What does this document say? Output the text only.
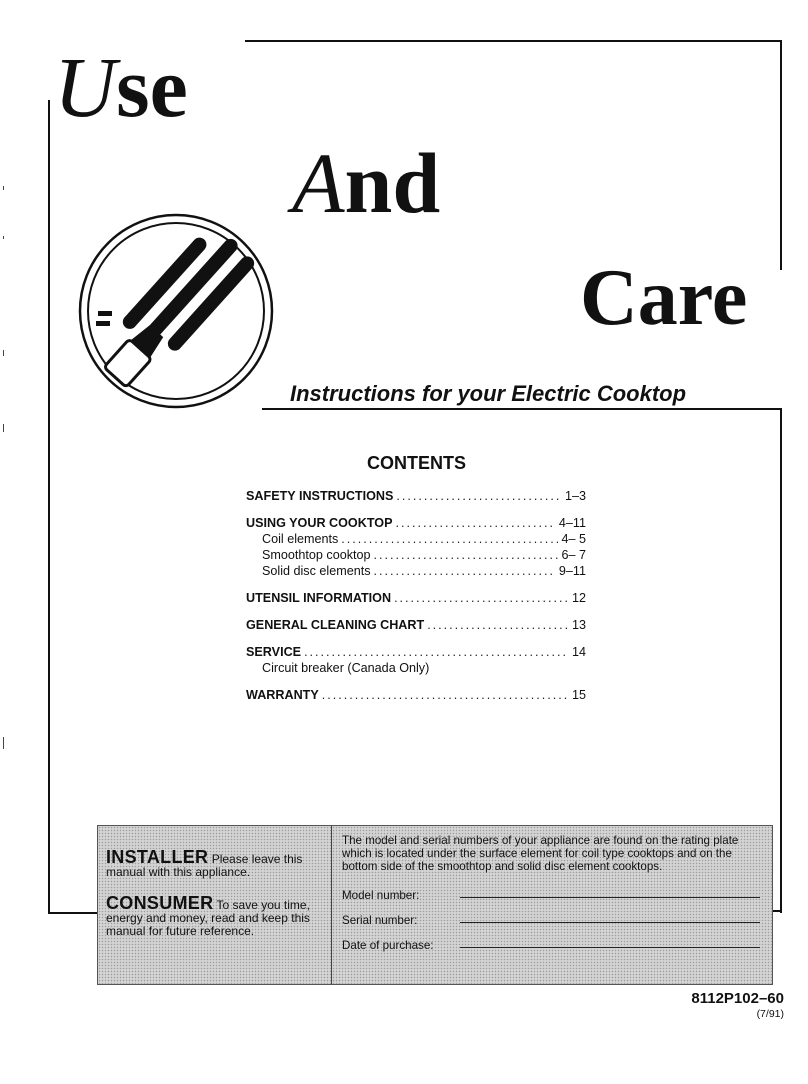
Use
And
Care
Instructions for your Electric Cooktop
CONTENTS
SAFETY INSTRUCTIONS .....	1–3
USING YOUR COOKTOP .....	4–11
Coil elements .....	4– 5
Smoothtop cooktop .....	6– 7
Solid disc elements .....	9–11
UTENSIL INFORMATION .....	12
GENERAL CLEANING CHART .....	13
SERVICE .....	14
Circuit breaker (Canada Only)
WARRANTY .....	15
INSTALLER Please leave this manual with this appliance.
CONSUMER To save you time, energy and money, read and keep this manual for future reference.

The model and serial numbers of your appliance are found on the rating plate which is located under the surface element for coil type cooktops and on the bottom side of the smoothtop and solid disc element cooktops.

Model number:
Serial number:
Date of purchase:

8112P102–60

(7/91)
